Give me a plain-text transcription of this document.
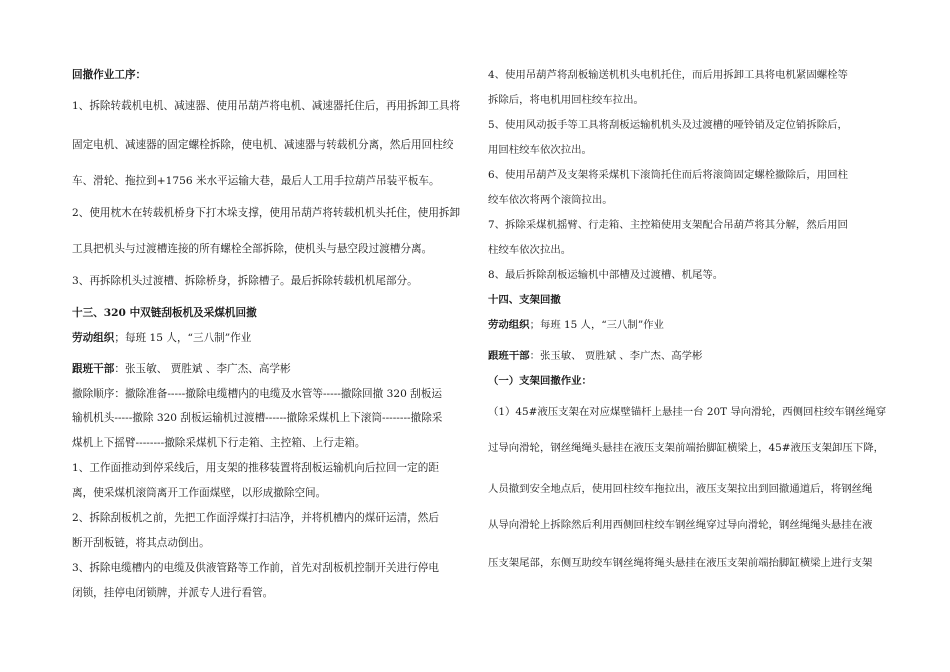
回撤作业工序：
1、拆除转载机电机、减速器、使用吊葫芦将电机、减速器托住后，再用拆卸工具将
固定电机、减速器的固定螺栓拆除，使电机、减速器与转载机分离，然后用回柱绞
车、滑轮、拖拉到+1756 米水平运输大巷，最后人工用手拉葫芦吊装平板车。
2、使用枕木在转载机桥身下打木垛支撑，使用吊葫芦将转载机机头托住，使用拆卸
工具把机头与过渡槽连接的所有螺栓全部拆除，使机头与悬空段过渡槽分离。
3、再拆除机头过渡槽、拆除桥身，拆除槽子。最后拆除转载机机尾部分。
十三、320 中双链刮板机及采煤机回撤
劳动组织；每班 15 人，“三八制”作业
跟班干部：张玉敏、 贾胜斌 、李广杰、高学彬
撤除顺序：撤除准备-----撤除电缆槽内的电缆及水管等-----撤除回撤 320 刮板运
输机机头-----撤除 320 刮板运输机过渡槽------撤除采煤机上下滚筒--------撤除采
煤机上下摇臂--------撤除采煤机下行走箱、主控箱、上行走箱。
1、工作面推动到停采线后，用支架的推移装置将刮板运输机向后拉回一定的距
离，使采煤机滚筒离开工作面煤壁，以形成撤除空间。
2、拆除刮板机之前，先把工作面浮煤打扫洁净，并将机槽内的煤矸运清，然后
断开刮板链，将其点动倒出。
3、拆除电缆槽内的电缆及供液管路等工作前，首先对刮板机控制开关进行停电
闭锁，挂停电闭锁牌，并派专人进行看管。
4、使用吊葫芦将刮板输送机机头电机托住，而后用拆卸工具将电机紧固螺栓等
拆除后，将电机用回柱绞车拉出。
5、使用风动扳手等工具将刮板运输机机头及过渡槽的哑铃销及定位销拆除后，
用回柱绞车依次拉出。
6、使用吊葫芦及支架将采煤机下滚筒托住而后将滚筒固定螺栓撤除后，用回柱
绞车依次将两个滚筒拉出。
7、拆除采煤机摇臂、行走箱、主控箱使用支架配合吊葫芦将其分解，然后用回
柱绞车依次拉出。
8、最后拆除刮板运输机中部槽及过渡槽、机尾等。
十四、支架回撤
劳动组织；每班 15 人，“三八制”作业
跟班干部：张玉敏、 贾胜斌 、李广杰、高学彬
（一）支架回撤作业：
（1）45#液压支架在对应煤壁锚杆上悬挂一台 20T 导向滑轮，西侧回柱绞车钢丝绳穿
过导向滑轮，钢丝绳绳头悬挂在液压支架前端抬脚缸横梁上，45#液压支架卸压下降，
人员撤到安全地点后，使用回柱绞车拖拉出，液压支架拉出到回撤通道后，将钢丝绳
从导向滑轮上拆除然后利用西侧回柱绞车钢丝绳穿过导向滑轮，钢丝绳绳头悬挂在液
压支架尾部，东侧互助绞车钢丝绳将绳头悬挂在液压支架前端抬脚缸横梁上进行支架
